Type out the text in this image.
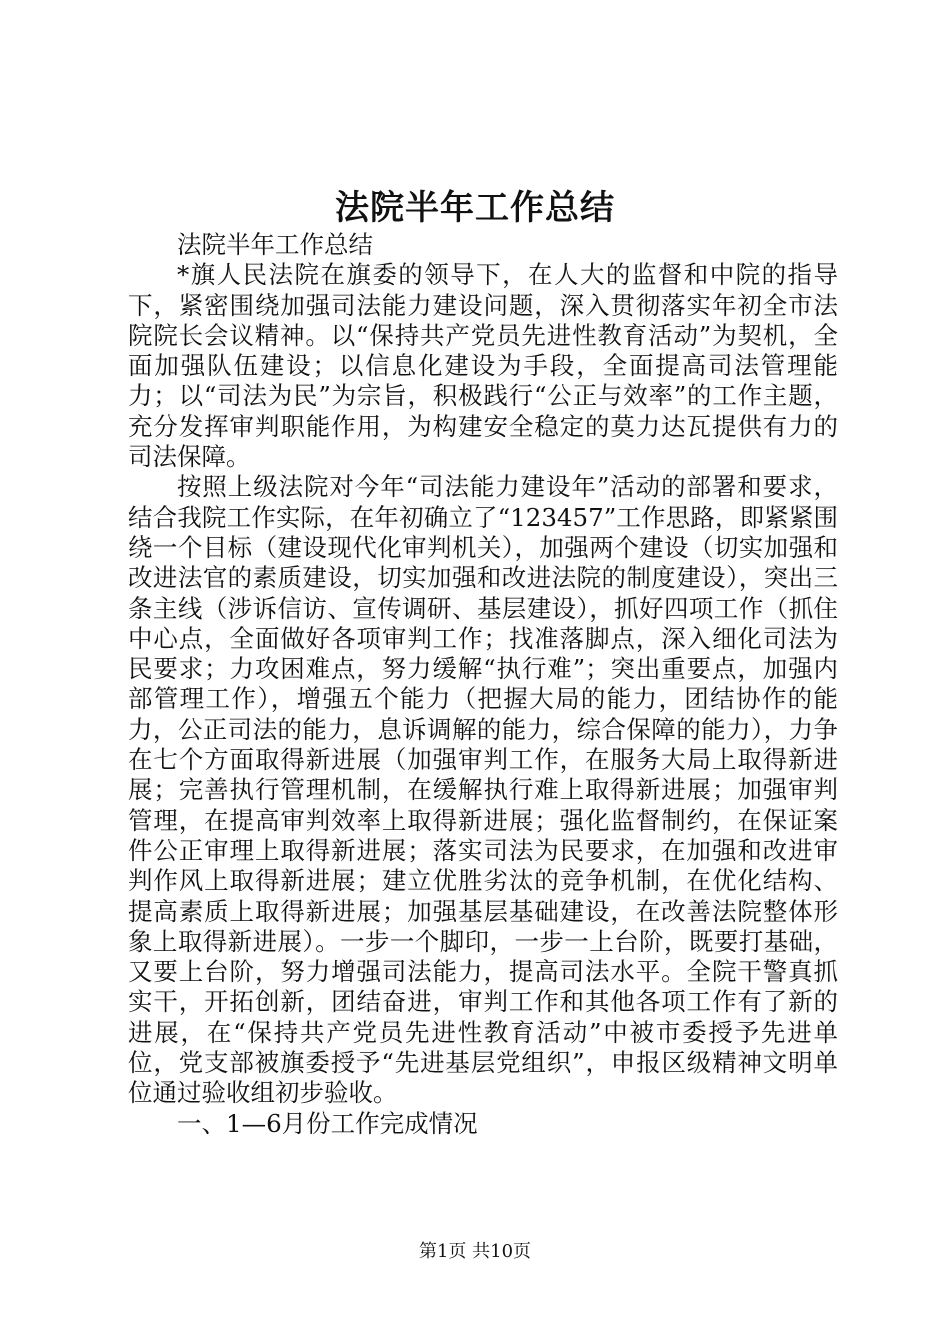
法院半年工作总结

法院半年工作总结

*旗人民法院在旗委的领导下，在人大的监督和中院的指导下，紧密围绕加强司法能力建设问题，深入贯彻落实年初全市法院院长会议精神。以“保持共产党员先进性教育活动”为契机，全面加强队伍建设；以信息化建设为手段，全面提高司法管理能力；以“司法为民”为宗旨，积极践行“公正与效率”的工作主题，充分发挥审判职能作用，为构建安全稳定的莫力达瓦提供有力的司法保障。

按照上级法院对今年“司法能力建设年”活动的部署和要求，结合我院工作实际，在年初确立了“123457”工作思路，即紧紧围绕一个目标（建设现代化审判机关），加强两个建设（切实加强和改进法官的素质建设，切实加强和改进法院的制度建设），突出三条主线（涉诉信访、宣传调研、基层建设），抓好四项工作（抓住中心点，全面做好各项审判工作；找准落脚点，深入细化司法为民要求；力攻困难点，努力缓解“执行难”；突出重要点，加强内部管理工作），增强五个能力（把握大局的能力，团结协作的能力，公正司法的能力，息诉调解的能力，综合保障的能力），力争在七个方面取得新进展（加强审判工作，在服务大局上取得新进展；完善执行管理机制，在缓解执行难上取得新进展；加强审判管理，在提高审判效率上取得新进展；强化监督制约，在保证案件公正审理上取得新进展；落实司法为民要求，在加强和改进审判作风上取得新进展；建立优胜劣汰的竞争机制，在优化结构、提高素质上取得新进展；加强基层基础建设，在改善法院整体形象上取得新进展）。一步一个脚印，一步一上台阶，既要打基础，又要上台阶，努力增强司法能力，提高司法水平。全院干警真抓实干，开拓创新，团结奋进，审判工作和其他各项工作有了新的进展，在“保持共产党员先进性教育活动”中被市委授予先进单位，党支部被旗委授予“先进基层党组织”，申报区级精神文明单位通过验收组初步验收。

一、1—6月份工作完成情况

第1页 共10页
